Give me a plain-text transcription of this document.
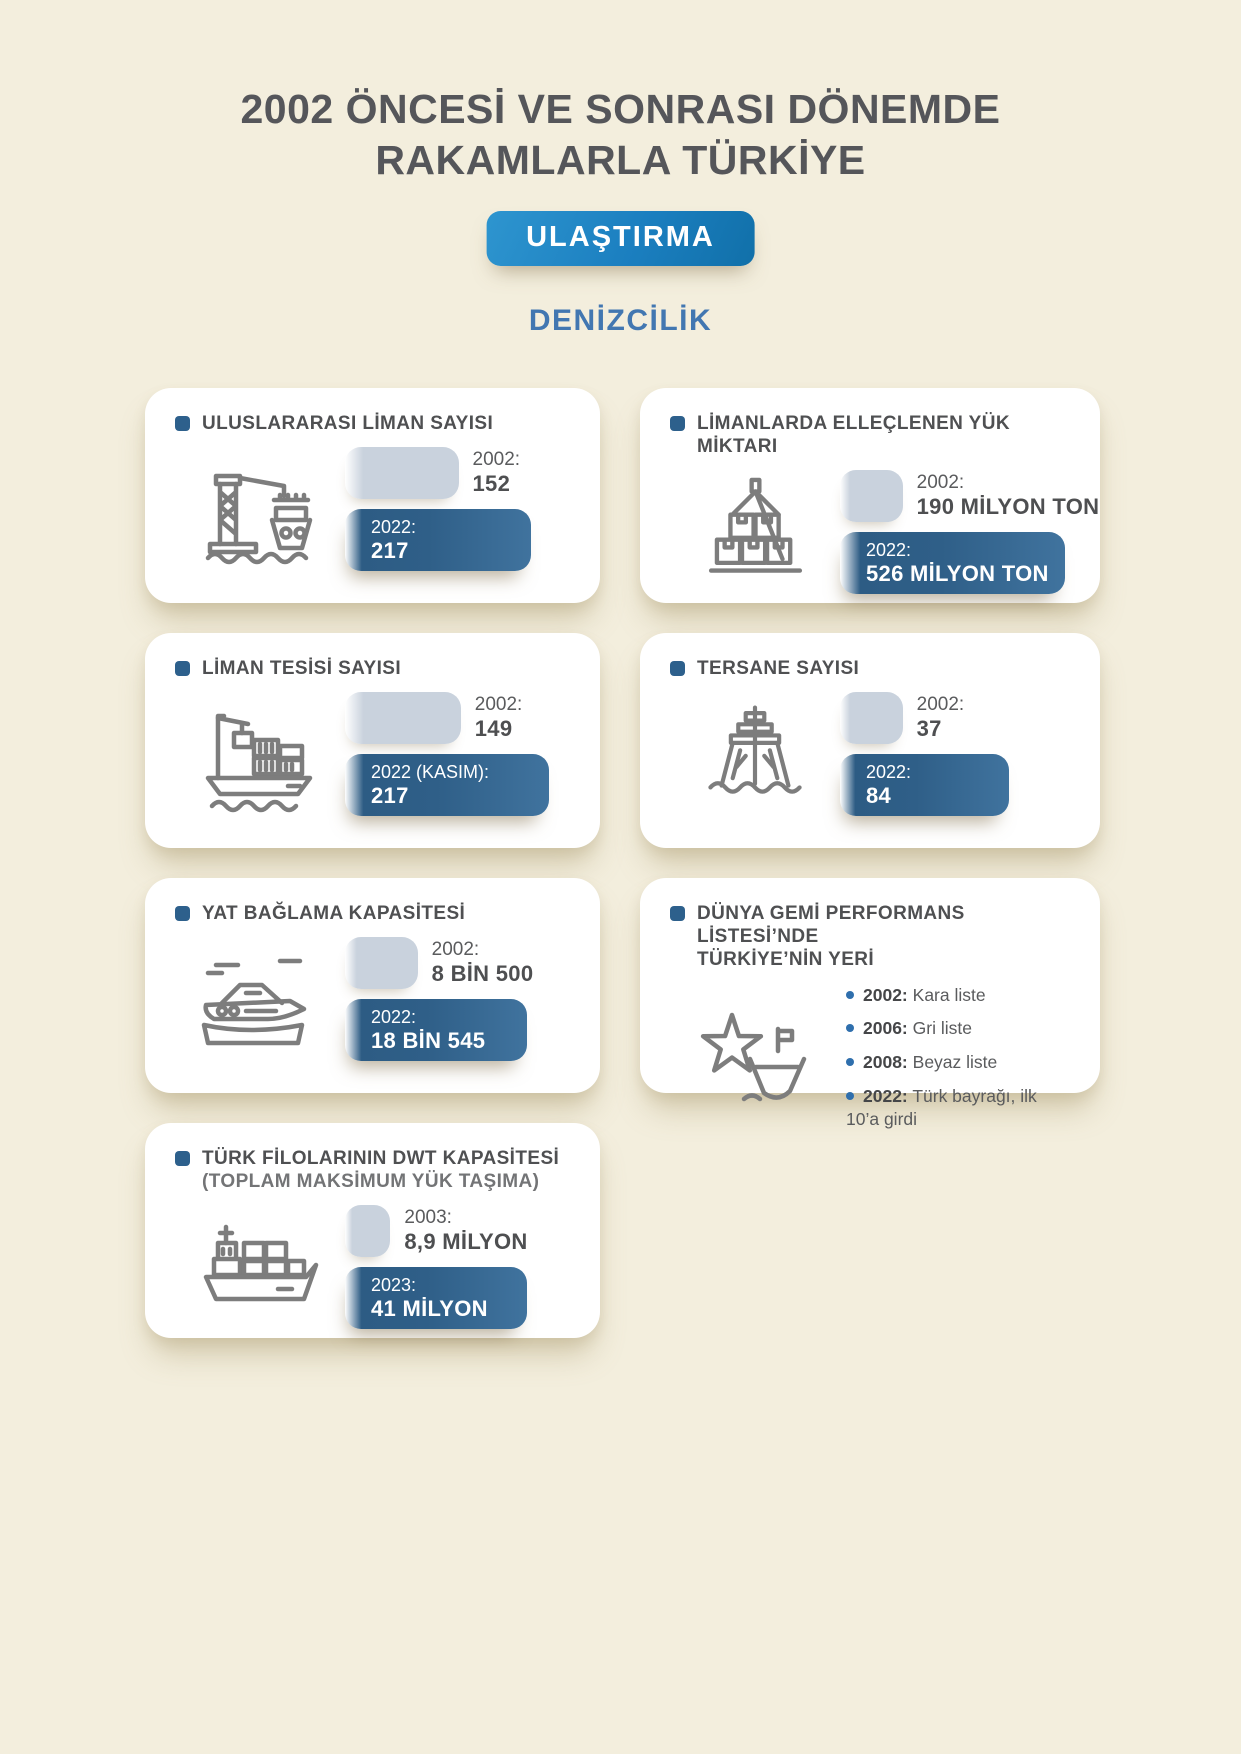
2002 ÖNCESİ VE SONRASI DÖNEMDE
RAKAMLARLA TÜRKİYE
ULAŞTIRMA
DENİZCİLİK
ULUSLARARASI LİMAN SAYISI
2002:
152
2022:
217
LİMANLARDA ELLEÇLENEN YÜK MİKTARI
2002:
190 MİLYON TON
2022:
526 MİLYON TON
LİMAN TESİSİ SAYISI
2002:
149
2022 (KASIM):
217
TERSANE SAYISI
2002:
37
2022:
84
YAT BAĞLAMA KAPASİTESİ
2002:
8 BİN 500
2022:
18 BİN 545
DÜNYA GEMİ PERFORMANS LİSTESİ’NDE
TÜRKİYE’NİN YERİ
2002: Kara liste
2006: Gri liste
2008: Beyaz liste
2022: Türk bayrağı, ilk 10’a girdi
TÜRK FİLOLARININ DWT KAPASİTESİ
(TOPLAM MAKSİMUM YÜK TAŞIMA)
2003:
8,9 MİLYON
2023:
41 MİLYON
